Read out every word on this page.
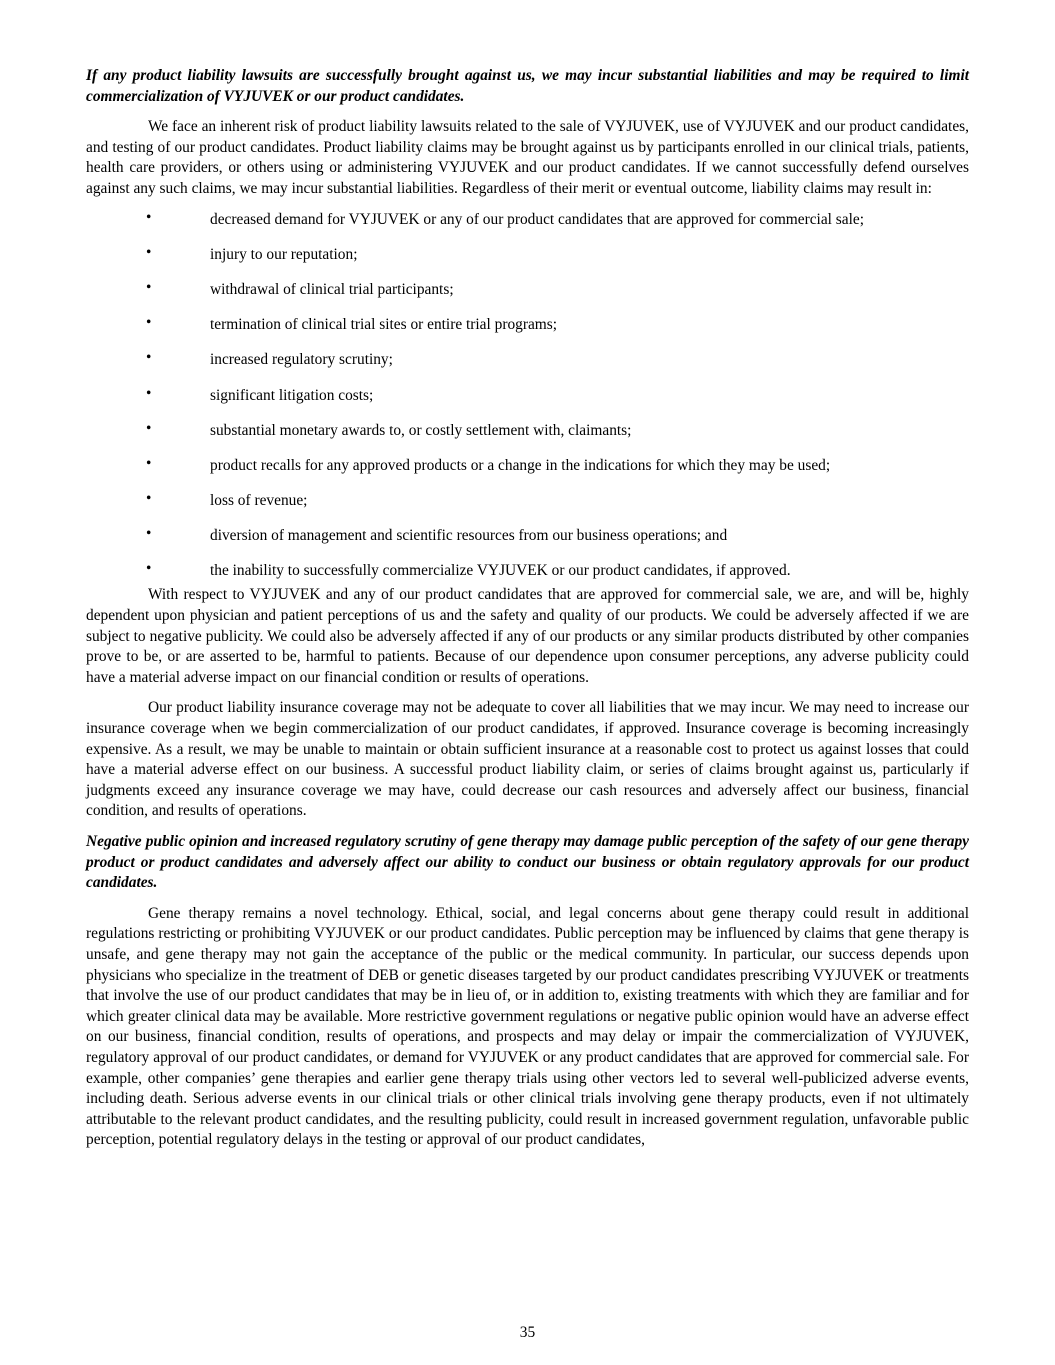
If any product liability lawsuits are successfully brought against us, we may incur substantial liabilities and may be required to limit commercialization of VYJUVEK or our product candidates.

We face an inherent risk of product liability lawsuits related to the sale of VYJUVEK, use of VYJUVEK and our product candidates, and testing of our product candidates. Product liability claims may be brought against us by participants enrolled in our clinical trials, patients, health care providers, or others using or administering VYJUVEK and our product candidates. If we cannot successfully defend ourselves against any such claims, we may incur substantial liabilities. Regardless of their merit or eventual outcome, liability claims may result in:

•	decreased demand for VYJUVEK or any of our product candidates that are approved for commercial sale;
•	injury to our reputation;
•	withdrawal of clinical trial participants;
•	termination of clinical trial sites or entire trial programs;
•	increased regulatory scrutiny;
•	significant litigation costs;
•	substantial monetary awards to, or costly settlement with, claimants;
•	product recalls for any approved products or a change in the indications for which they may be used;
•	loss of revenue;
•	diversion of management and scientific resources from our business operations; and
•	the inability to successfully commercialize VYJUVEK or our product candidates, if approved.

With respect to VYJUVEK and any of our product candidates that are approved for commercial sale, we are, and will be, highly dependent upon physician and patient perceptions of us and the safety and quality of our products. We could be adversely affected if we are subject to negative publicity. We could also be adversely affected if any of our products or any similar products distributed by other companies prove to be, or are asserted to be, harmful to patients. Because of our dependence upon consumer perceptions, any adverse publicity could have a material adverse impact on our financial condition or results of operations.

Our product liability insurance coverage may not be adequate to cover all liabilities that we may incur. We may need to increase our insurance coverage when we begin commercialization of our product candidates, if approved. Insurance coverage is becoming increasingly expensive. As a result, we may be unable to maintain or obtain sufficient insurance at a reasonable cost to protect us against losses that could have a material adverse effect on our business. A successful product liability claim, or series of claims brought against us, particularly if judgments exceed any insurance coverage we may have, could decrease our cash resources and adversely affect our business, financial condition, and results of operations.

Negative public opinion and increased regulatory scrutiny of gene therapy may damage public perception of the safety of our gene therapy product or product candidates and adversely affect our ability to conduct our business or obtain regulatory approvals for our product candidates.

Gene therapy remains a novel technology. Ethical, social, and legal concerns about gene therapy could result in additional regulations restricting or prohibiting VYJUVEK or our product candidates. Public perception may be influenced by claims that gene therapy is unsafe, and gene therapy may not gain the acceptance of the public or the medical community. In particular, our success depends upon physicians who specialize in the treatment of DEB or genetic diseases targeted by our product candidates prescribing VYJUVEK or treatments that involve the use of our product candidates that may be in lieu of, or in addition to, existing treatments with which they are familiar and for which greater clinical data may be available. More restrictive government regulations or negative public opinion would have an adverse effect on our business, financial condition, results of operations, and prospects and may delay or impair the commercialization of VYJUVEK, regulatory approval of our product candidates, or demand for VYJUVEK or any product candidates that are approved for commercial sale. For example, other companies’ gene therapies and earlier gene therapy trials using other vectors led to several well-publicized adverse events, including death. Serious adverse events in our clinical trials or other clinical trials involving gene therapy products, even if not ultimately attributable to the relevant product candidates, and the resulting publicity, could result in increased government regulation, unfavorable public perception, potential regulatory delays in the testing or approval of our product candidates,

35
